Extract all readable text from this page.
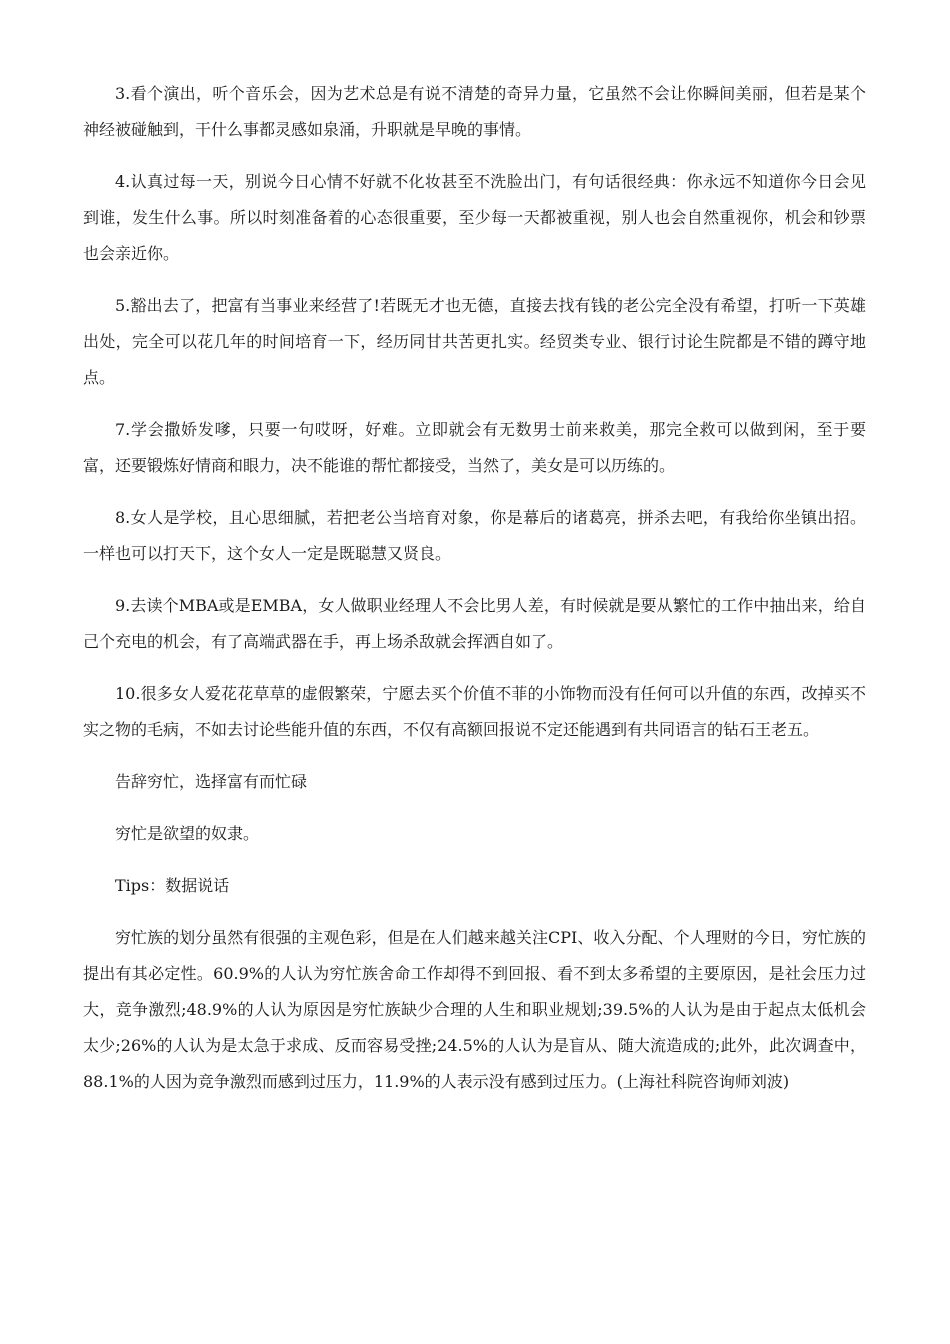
3.看个演出，听个音乐会，因为艺术总是有说不清楚的奇异力量，它虽然不会让你瞬间美丽，但若是某个神经被碰触到，干什么事都灵感如泉涌，升职就是早晚的事情。

4.认真过每一天，别说今日心情不好就不化妆甚至不洗脸出门，有句话很经典：你永远不知道你今日会见到谁，发生什么事。所以时刻准备着的心态很重要，至少每一天都被重视，别人也会自然重视你，机会和钞票也会亲近你。

5.豁出去了，把富有当事业来经营了!若既无才也无德，直接去找有钱的老公完全没有希望，打听一下英雄出处，完全可以花几年的时间培育一下，经历同甘共苦更扎实。经贸类专业、银行讨论生院都是不错的蹲守地点。

7.学会撒娇发嗲，只要一句哎呀，好难。立即就会有无数男士前来救美，那完全救可以做到闲，至于要富，还要锻炼好情商和眼力，决不能谁的帮忙都接受，当然了，美女是可以历练的。

8.女人是学校，且心思细腻，若把老公当培育对象，你是幕后的诸葛亮，拼杀去吧，有我给你坐镇出招。一样也可以打天下，这个女人一定是既聪慧又贤良。

9.去读个MBA或是EMBA，女人做职业经理人不会比男人差，有时候就是要从繁忙的工作中抽出来，给自己个充电的机会，有了高端武器在手，再上场杀敌就会挥洒自如了。

10.很多女人爱花花草草的虚假繁荣，宁愿去买个价值不菲的小饰物而没有任何可以升值的东西，改掉买不实之物的毛病，不如去讨论些能升值的东西，不仅有高额回报说不定还能遇到有共同语言的钻石王老五。

告辞穷忙，选择富有而忙碌

穷忙是欲望的奴隶。

Tips：数据说话

穷忙族的划分虽然有很强的主观色彩，但是在人们越来越关注CPI、收入分配、个人理财的今日，穷忙族的提出有其必定性。60.9%的人认为穷忙族舍命工作却得不到回报、看不到太多希望的主要原因，是社会压力过大，竞争激烈;48.9%的人认为原因是穷忙族缺少合理的人生和职业规划;39.5%的人认为是由于起点太低机会太少;26%的人认为是太急于求成、反而容易受挫;24.5%的人认为是盲从、随大流造成的;此外，此次调查中，88.1%的人因为竞争激烈而感到过压力，11.9%的人表示没有感到过压力。(上海社科院咨询师刘波)
